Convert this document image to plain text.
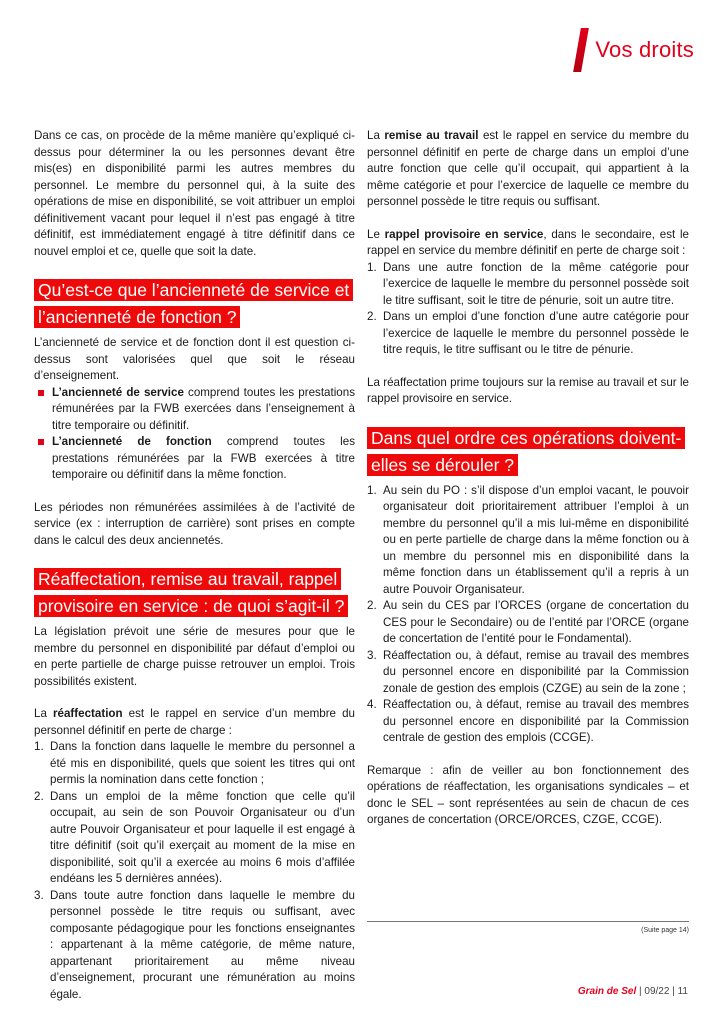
Vos droits

Dans ce cas, on procède de la même manière qu’expliqué ci-dessus pour déterminer la ou les personnes devant être mis(es) en disponibilité parmi les autres membres du personnel. Le membre du personnel qui, à la suite des opérations de mise en disponibilité, se voit attribuer un emploi définitivement vacant pour lequel il n’est pas engagé à titre définitif, est immédiatement engagé à titre définitif dans ce nouvel emploi et ce, quelle que soit la date.

Qu’est-ce que l’ancienneté de service et l’ancienneté de fonction ?

L’ancienneté de service et de fonction dont il est question ci-dessus sont valorisées quel que soit le réseau d’enseignement.

L’ancienneté de service comprend toutes les prestations rémunérées par la FWB exercées dans l’enseignement à titre temporaire ou définitif.
L’ancienneté de fonction comprend toutes les prestations rémunérées par la FWB exercées à titre temporaire ou définitif dans la même fonction.

Les périodes non rémunérées assimilées à de l’activité de service (ex : interruption de carrière) sont prises en compte dans le calcul des deux anciennetés.

Réaffectation, remise au travail, rappel provisoire en service : de quoi s’agit-il ?

La législation prévoit une série de mesures pour que le membre du personnel en disponibilité par défaut d’emploi ou en perte partielle de charge puisse retrouver un emploi. Trois possibilités existent.

La réaffectation est le rappel en service d’un membre du personnel définitif en perte de charge :

1. Dans la fonction dans laquelle le membre du personnel a été mis en disponibilité, quels que soient les titres qui ont permis la nomination dans cette fonction ;
2. Dans un emploi de la même fonction que celle qu’il occupait, au sein de son Pouvoir Organisateur ou d’un autre Pouvoir Organisateur et pour laquelle il est engagé à titre définitif (soit qu’il exerçait au moment de la mise en disponibilité, soit qu’il a exercée au moins 6 mois d’affilée endéans les 5 dernières années).
3. Dans toute autre fonction dans laquelle le membre du personnel possède le titre requis ou suffisant, avec composante pédagogique pour les fonctions enseignantes : appartenant à la même catégorie, de même nature, appartenant prioritairement au même niveau d’enseignement, procurant une rémunération au moins égale.

La remise au travail est le rappel en service du membre du personnel définitif en perte de charge dans un emploi d’une autre fonction que celle qu’il occupait, qui appartient à la même catégorie et pour l’exercice de laquelle ce membre du personnel possède le titre requis ou suffisant.

Le rappel provisoire en service, dans le secondaire, est le rappel en service du membre définitif en perte de charge soit :

1. Dans une autre fonction de la même catégorie pour l’exercice de laquelle le membre du personnel possède soit le titre suffisant, soit le titre de pénurie, soit un autre titre.
2. Dans un emploi d’une fonction d’une autre catégorie pour l’exercice de laquelle le membre du personnel possède le titre requis, le titre suffisant ou le titre de pénurie.

La réaffectation prime toujours sur la remise au travail et sur le rappel provisoire en service.

Dans quel ordre ces opérations doivent-elles se dérouler ?
1. Au sein du PO : s’il dispose d’un emploi vacant, le pouvoir organisateur doit prioritairement attribuer l’emploi à un membre du personnel qu’il a mis lui-même en disponibilité ou en perte partielle de charge dans la même fonction ou à un membre du personnel mis en disponibilité dans la même fonction dans un établissement qu’il a repris à un autre Pouvoir Organisateur.
2. Au sein du CES par l’ORCES (organe de concertation du CES pour le Secondaire) ou de l’entité par l’ORCE (organe de concertation de l’entité pour le Fondamental).
3. Réaffectation ou, à défaut, remise au travail des membres du personnel encore en disponibilité par la Commission zonale de gestion des emplois (CZGE) au sein de la zone ;
4. Réaffectation ou, à défaut, remise au travail des membres du personnel encore en disponibilité par la Commission centrale de gestion des emplois (CCGE).

Remarque : afin de veiller au bon fonctionnement des opérations de réaffectation, les organisations syndicales – et donc le SEL – sont représentées au sein de chacun de ces organes de concertation (ORCE/ORCES, CZGE, CCGE).

(Suite page 14)
Grain de Sel | 09/22 | 11
